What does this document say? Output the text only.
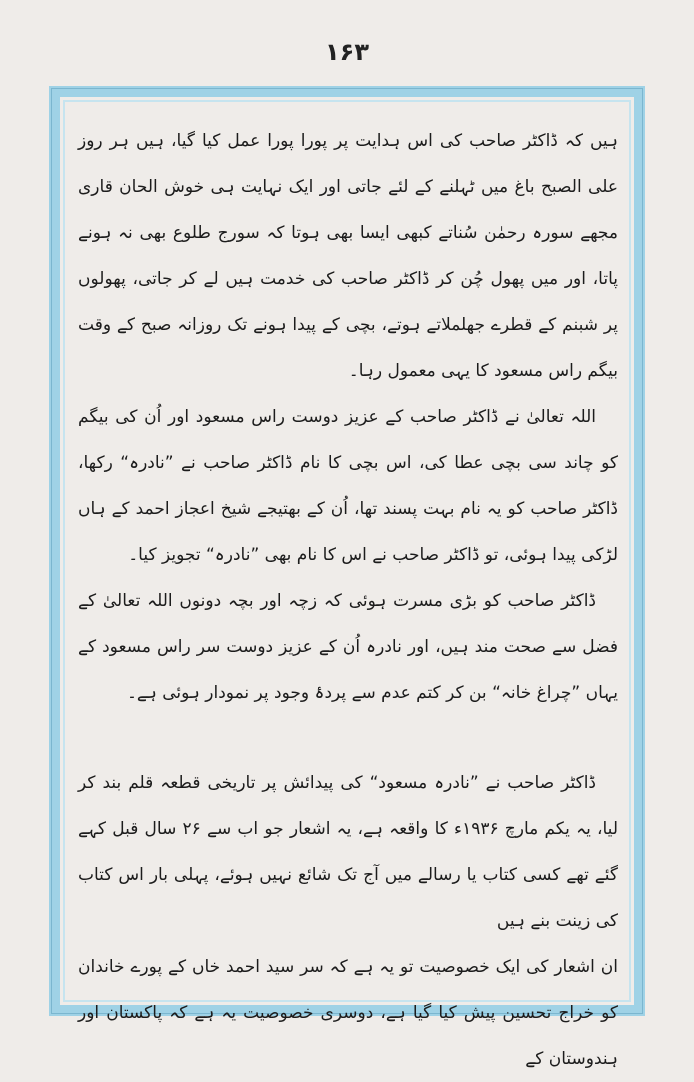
۱۶۳

ہیں کہ ڈاکٹر صاحب کی اس ہدایت پر پورا پورا عمل کیا گیا، ہیں ہر روز علی الصبح باغ میں ٹہلنے کے لئے جاتی اور ایک نہایت ہی خوش الحان قاری مجھے سورہ رحمٰن سُناتے کبھی ایسا بھی ہوتا کہ سورج طلوع بھی نہ ہونے پاتا، اور میں پھول چُن کر ڈاکٹر صاحب کی خدمت ہیں لے کر جاتی، پھولوں پر شبنم کے قطرے جھلملاتے ہوتے، بچی کے پیدا ہونے تک روزانہ صبح کے وقت بیگم راس مسعود کا یہی معمول رہا۔

اللہ تعالیٰ نے ڈاکٹر صاحب کے عزیز دوست راس مسعود اور اُن کی بیگم کو چاند سی بچی عطا کی، اس بچی کا نام ڈاکٹر صاحب نے ”نادرہ“ رکھا، ڈاکٹر صاحب کو یہ نام بہت پسند تھا، اُن کے بھتیجے شیخ اعجاز احمد کے ہاں لڑکی پیدا ہوئی، تو ڈاکٹر صاحب نے اس کا نام بھی ”نادرہ“ تجویز کیا۔

ڈاکٹر صاحب کو بڑی مسرت ہوئی کہ زچہ اور بچہ دونوں اللہ تعالیٰ کے فضل سے صحت مند ہیں، اور نادرہ اُن کے عزیز دوست سر راس مسعود کے یہاں ”چراغ خانہ“ بن کر کتم عدم سے پردۂ وجود پر نمودار ہوئی ہے۔

ڈاکٹر صاحب نے ”نادرہ مسعود“ کی پیدائش پر تاریخی قطعہ قلم بند کر لیا، یہ یکم مارچ ۱۹۳۶ء کا واقعہ ہے، یہ اشعار جو اب سے ۲۶ سال قبل کہے گئے تھے کسی کتاب یا رسالے میں آج تک شائع نہیں ہوئے، پہلی بار اس کتاب کی زینت بنے ہیں

ان اشعار کی ایک خصوصیت تو یہ ہے کہ سر سید احمد خاں کے پورے خاندان کو خراج تحسین پیش کیا گیا ہے، دوسری خصوصیت یہ ہے کہ پاکستان اور ہندوستان کے
